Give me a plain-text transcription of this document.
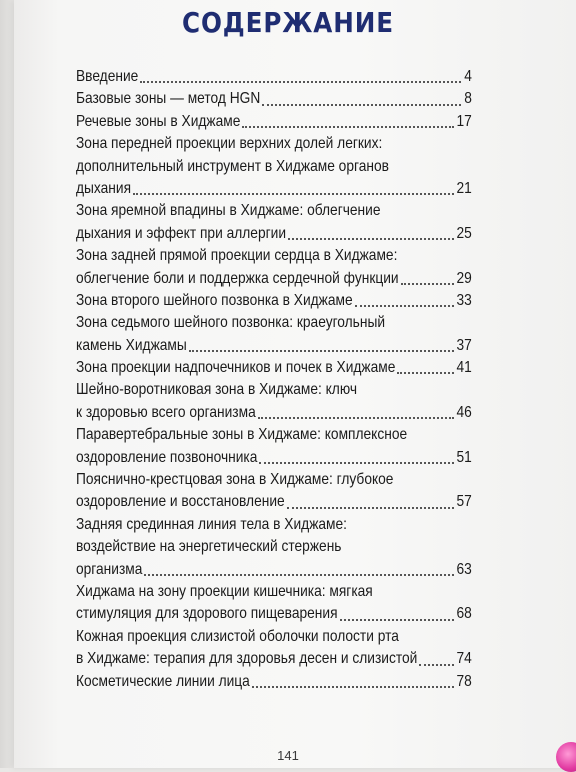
СОДЕРЖАНИЕ
Введение	4
Базовые зоны — метод HGN	8
Речевые зоны в Хиджаме	17
Зона передней проекции верхних долей легких:
дополнительный инструмент в Хиджаме органов
дыхания	21
Зона яремной впадины в Хиджаме: облегчение
дыхания и эффект при аллергии	25
Зона задней прямой проекции сердца в Хиджаме:
облегчение боли и поддержка сердечной функции	29
Зона второго шейного позвонка в Хиджаме	33
Зона седьмого шейного позвонка: краеугольный
камень Хиджамы	37
Зона проекции надпочечников и почек в Хиджаме	41
Шейно-воротниковая зона в Хиджаме: ключ
к здоровью всего организма	46
Паравертебральные зоны в Хиджаме: комплексное
оздоровление позвоночника	51
Пояснично-крестцовая зона в Хиджаме: глубокое
оздоровление и восстановление	57
Задняя срединная линия тела в Хиджаме:
воздействие на энергетический стержень
организма	63
Хиджама на зону проекции кишечника: мягкая
стимуляция для здорового пищеварения	68
Кожная проекция слизистой оболочки полости рта
в Хиджаме: терапия для здоровья десен и слизистой 74
Косметические линии лица	78
141
